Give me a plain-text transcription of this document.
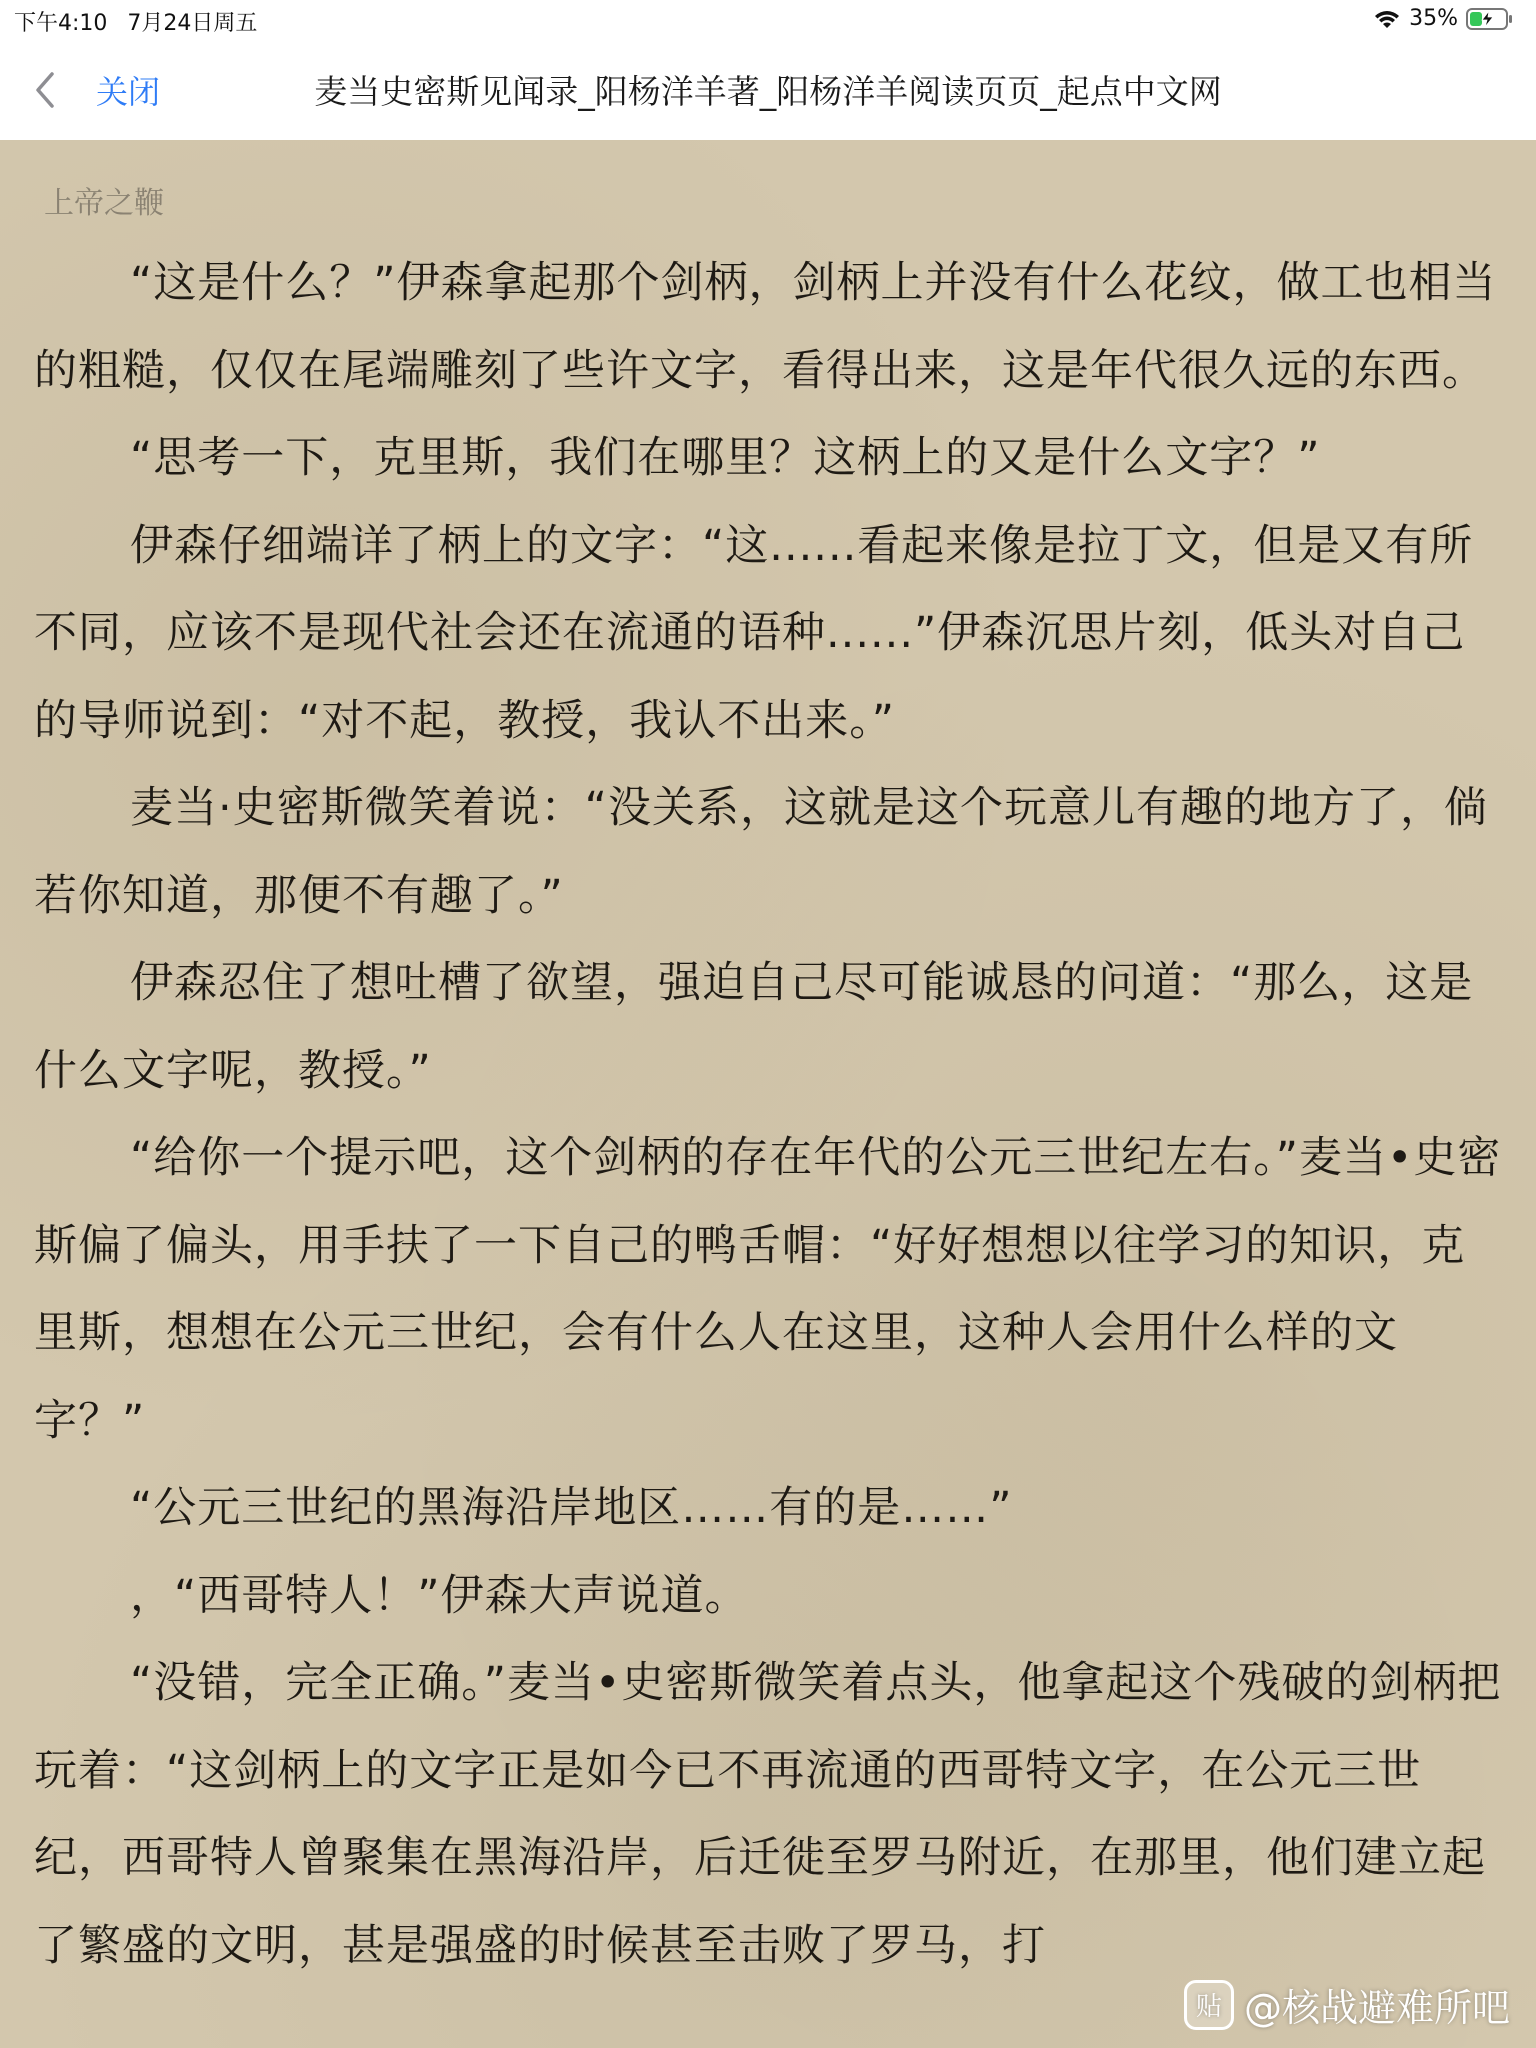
下午4:10 7月24日周五	35%
关闭	麦当史密斯见闻录_阳杨洋羊著_阳杨洋羊阅读页页_起点中文网
上帝之鞭

“这是什么？”伊森拿起那个剑柄，剑柄上并没有什么花纹，做工也相当的粗糙，仅仅在尾端雕刻了些许文字，看得出来，这是年代很久远的东西。

“思考一下，克里斯，我们在哪里？这柄上的又是什么文字？”

伊森仔细端详了柄上的文字：“这......看起来像是拉丁文，但是又有所不同，应该不是现代社会还在流通的语种......”伊森沉思片刻，低头对自己的导师说到：“对不起，教授，我认不出来。”

麦当·史密斯微笑着说：“没关系，这就是这个玩意儿有趣的地方了，倘若你知道，那便不有趣了。”

伊森忍住了想吐槽了欲望，强迫自己尽可能诚恳的问道：“那么，这是什么文字呢，教授。”

“给你一个提示吧，这个剑柄的存在年代的公元三世纪左右。”麦当•史密斯偏了偏头，用手扶了一下自己的鸭舌帽：“好好想想以往学习的知识，克里斯，想想在公元三世纪，会有什么人在这里，这种人会用什么样的文字？”

“公元三世纪的黑海沿岸地区……有的是……”

，“西哥特人！”伊森大声说道。

“没错，完全正确。”麦当•史密斯微笑着点头，他拿起这个残破的剑柄把玩着：“这剑柄上的文字正是如今已不再流通的西哥特文字，在公元三世纪，西哥特人曾聚集在黑海沿岸，后迁徙至罗马附近，在那里，他们建立起了繁盛的文明，甚是强盛的时候甚至击败了罗马，打

贴 @核战避难所吧
